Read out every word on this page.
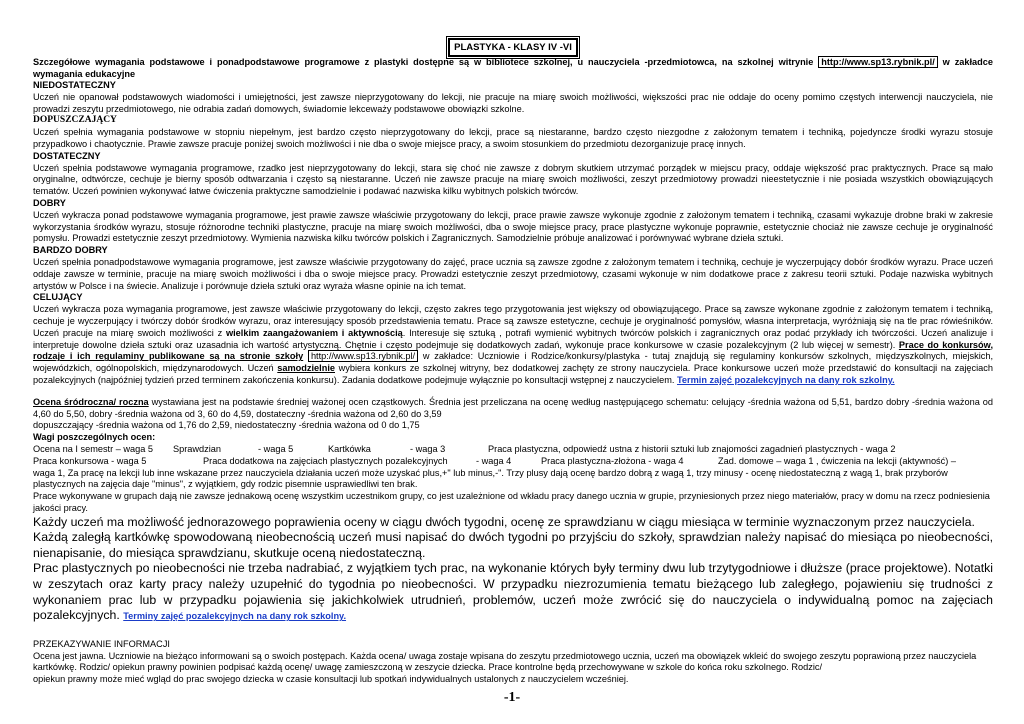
PLASTYKA - KLASY IV -VI
Szczegółowe wymagania podstawowe i ponadpodstawowe programowe z plastyki dostępne są w bibliotece szkolnej, u nauczyciela -przedmiotowca, na szkolnej witrynie http://www.sp13.rybnik.pl/ w zakładce wymagania edukacyjne
NIEDOSTATECZNY
Uczeń nie opanował podstawowych wiadomości i umiejętności, jest zawsze nieprzygotowany do lekcji, nie pracuje na miarę swoich możliwości, większości prac nie oddaje do oceny pomimo częstych interwencji nauczyciela, nie prowadzi zeszytu przedmiotowego, nie odrabia zadań domowych, świadomie lekceważy podstawowe obowiązki szkolne.
DOPUSZCZAJĄCY
Uczeń spełnia wymagania podstawowe w stopniu niepełnym, jest bardzo często nieprzygotowany do lekcji, prace są niestaranne, bardzo często niezgodne z założonym tematem i techniką, pojedyncze środki wyrazu stosuje przypadkowo i chaotycznie. Prawie zawsze pracuje poniżej swoich możliwości i nie dba o swoje miejsce pracy, a swoim stosunkiem do przedmiotu dezorganizuje pracę innych.
DOSTATECZNY
Uczeń spełnia podstawowe wymagania programowe, rzadko jest nieprzygotowany do lekcji, stara się choć nie zawsze z dobrym skutkiem utrzymać porządek w miejscu pracy, oddaje większość prac praktycznych. Prace są mało oryginalne, odtwórcze, cechuje je bierny sposób odtwarzania i często są niestaranne. Uczeń nie zawsze pracuje na miarę swoich możliwości, zeszyt przedmiotowy prowadzi nieestetycznie i nie posiada wszystkich obowiązujących tematów. Uczeń powinien wykonywać łatwe ćwiczenia praktyczne samodzielnie i podawać nazwiska kilku wybitnych polskich twórców.
DOBRY
Uczeń wykracza ponad podstawowe wymagania programowe, jest prawie zawsze właściwie przygotowany do lekcji, prace prawie zawsze wykonuje zgodnie z założonym tematem i techniką, czasami wykazuje drobne braki w zakresie wykorzystania środków wyrazu, stosuje różnorodne techniki plastyczne, pracuje na miarę swoich możliwości, dba o swoje miejsce pracy, prace plastyczne wykonuje poprawnie, estetycznie chociaż nie zawsze cechuje je oryginalność pomysłu. Prowadzi estetycznie zeszyt przedmiotowy. Wymienia nazwiska kilku twórców polskich i Zagranicznych. Samodzielnie próbuje analizować i porównywać wybrane dzieła sztuki.
BARDZO DOBRY
Uczeń spełnia ponadpodstawowe wymagania programowe, jest zawsze właściwie przygotowany do zajęć, prace ucznia są zawsze zgodne z założonym tematem i techniką, cechuje je wyczerpujący dobór środków wyrazu. Prace uczeń oddaje zawsze w terminie, pracuje na miarę swoich możliwości i dba o swoje miejsce pracy. Prowadzi estetycznie zeszyt przedmiotowy, czasami wykonuje w nim dodatkowe prace z zakresu teorii sztuki. Podaje nazwiska wybitnych artystów w Polsce i na świecie. Analizuje i porównuje dzieła sztuki oraz wyraża własne opinie na ich temat.
CELUJĄCY
Uczeń wykracza poza wymagania programowe, jest zawsze właściwie przygotowany do lekcji, często zakres tego przygotowania jest większy od obowiązującego. Prace są zawsze wykonane zgodnie z założonym tematem i techniką, cechuje je wyczerpujący i twórczy dobór środków wyrazu, oraz interesujący sposób przedstawienia tematu. Prace są zawsze estetyczne, cechuje je oryginalność pomysłów, własna interpretacja, wyróżniają się na tle prac rówieśników. Uczeń pracuje na miarę swoich możliwości z wielkim zaangażowaniem i aktywnością. Interesuje się sztuką , potrafi wymienić wybitnych twórców polskich i zagranicznych oraz podać przykłady ich twórczości. Uczeń analizuje i interpretuje dowolne dzieła sztuki oraz uzasadnia ich wartość artystyczną. Chętnie i często podejmuje się dodatkowych zadań, wykonuje prace konkursowe w czasie pozalekcyjnym (2 lub więcej w semestr). Prace do konkursów, rodzaje i ich regulaminy publikowane są na stronie szkoły http://www.sp13.rybnik.pl/ w zakładce: Uczniowie i Rodzice/konkursy/plastyka - tutaj znajdują się regulaminy konkursów szkolnych, międzyszkolnych, miejskich, wojewódzkich, ogólnopolskich, międzynarodowych. Uczeń samodzielnie wybiera konkurs ze szkolnej witryny, bez dodatkowej zachęty ze strony nauczyciela. Prace konkursowe uczeń może przedstawić do konsultacji na zajęciach pozalekcyjnych (najpóźniej tydzień przed terminem zakończenia konkursu). Zadania dodatkowe podejmuje wyłącznie po konsultacji wstępnej z nauczycielem. Termin zajęć pozalekcyjnych na dany rok szkolny.
Ocena śródroczna/ roczna wystawiana jest na podstawie średniej ważonej ocen cząstkowych. Średnia jest przeliczana na ocenę według następującego schematu: celujący -średnia ważona od 5,51, bardzo dobry -średnia ważona od 4,60 do 5,50, dobry -średnia ważona od 3, 60 do 4,59, dostateczny -średnia ważona od 2,60 do 3,59
dopuszczający -średnia ważona od 1,76 do 2,59, niedostateczny -średnia ważona od 0 do 1,75
Wagi poszczególnych ocen:
Ocena na I semestr – waga 5	Sprawdzian	- waga 5	Kartkówka	- waga 3	Praca plastyczna, odpowiedź ustna z historii sztuki lub znajomości zagadnień plastycznych - waga 2
Praca konkursowa - waga 5	Praca dodatkowa na zajęciach plastycznych pozalekcyjnych	- waga 4	Praca plastyczna-złożona - waga 4	Zad. domowe – waga 1 , ćwiczenia na lekcji (aktywność) –
waga 1, Za pracę na lekcji lub inne wskazane przez nauczyciela działania uczeń może uzyskać plus,+" lub minus,-". Trzy plusy dają ocenę bardzo dobrą z wagą 1, trzy minusy - ocenę niedostateczną z wagą 1, brak przyborów plastycznych na zajęcia daje "minus", z wyjątkiem, gdy rodzic pisemnie usprawiedliwi ten brak.
Prace wykonywane w grupach dają nie zawsze jednakową ocenę wszystkim uczestnikom grupy, co jest uzależnione od wkładu pracy danego ucznia w grupie, przyniesionych przez niego materiałów, pracy w domu na rzecz podniesienia jakości pracy.
Każdy uczeń ma możliwość jednorazowego poprawienia oceny w ciągu dwóch tygodni, ocenę ze sprawdzianu w ciągu miesiąca w terminie wyznaczonym przez nauczyciela.
Każdą zaległą kartkówkę spowodowaną nieobecnością uczeń musi napisać do dwóch tygodni po przyjściu do szkoły, sprawdzian należy napisać do miesiąca po nieobecności, nienapisanie, do miesiąca sprawdzianu, skutkuje oceną niedostateczną.
Prac plastycznych po nieobecności nie trzeba nadrabiać, z wyjątkiem tych prac, na wykonanie których były terminy dwu lub trzytygodniowe i dłuższe (prace projektowe). Notatki w zeszytach oraz karty pracy należy uzupełnić do tygodnia po nieobecności. W przypadku niezrozumienia tematu bieżącego lub zaległego, pojawieniu się trudności z wykonaniem prac lub w przypadku pojawienia się jakichkolwiek utrudnień, problemów, uczeń może zwrócić się do nauczyciela o indywidualną pomoc na zajęciach pozalekcyjnych. Terminy zajęć pozalekcyjnych na dany rok szkolny.
PRZEKAZYWANIE INFORMACJI
Ocena jest jawna. Uczniowie na bieżąco informowani są o swoich postępach. Każda ocena/ uwaga zostaje wpisana do zeszytu przedmiotowego ucznia, uczeń ma obowiązek wkleić do swojego zeszytu poprawioną przez nauczyciela kartkówkę. Rodzic/ opiekun prawny powinien podpisać każdą ocenę/ uwagę zamieszczoną w zeszycie dziecka. Prace kontrolne będą przechowywane w szkole do końca roku szkolnego. Rodzic/
opiekun prawny może mieć wgląd do prac swojego dziecka w czasie konsultacji lub spotkań indywidualnych ustalonych z nauczycielem wcześniej.
-1-
